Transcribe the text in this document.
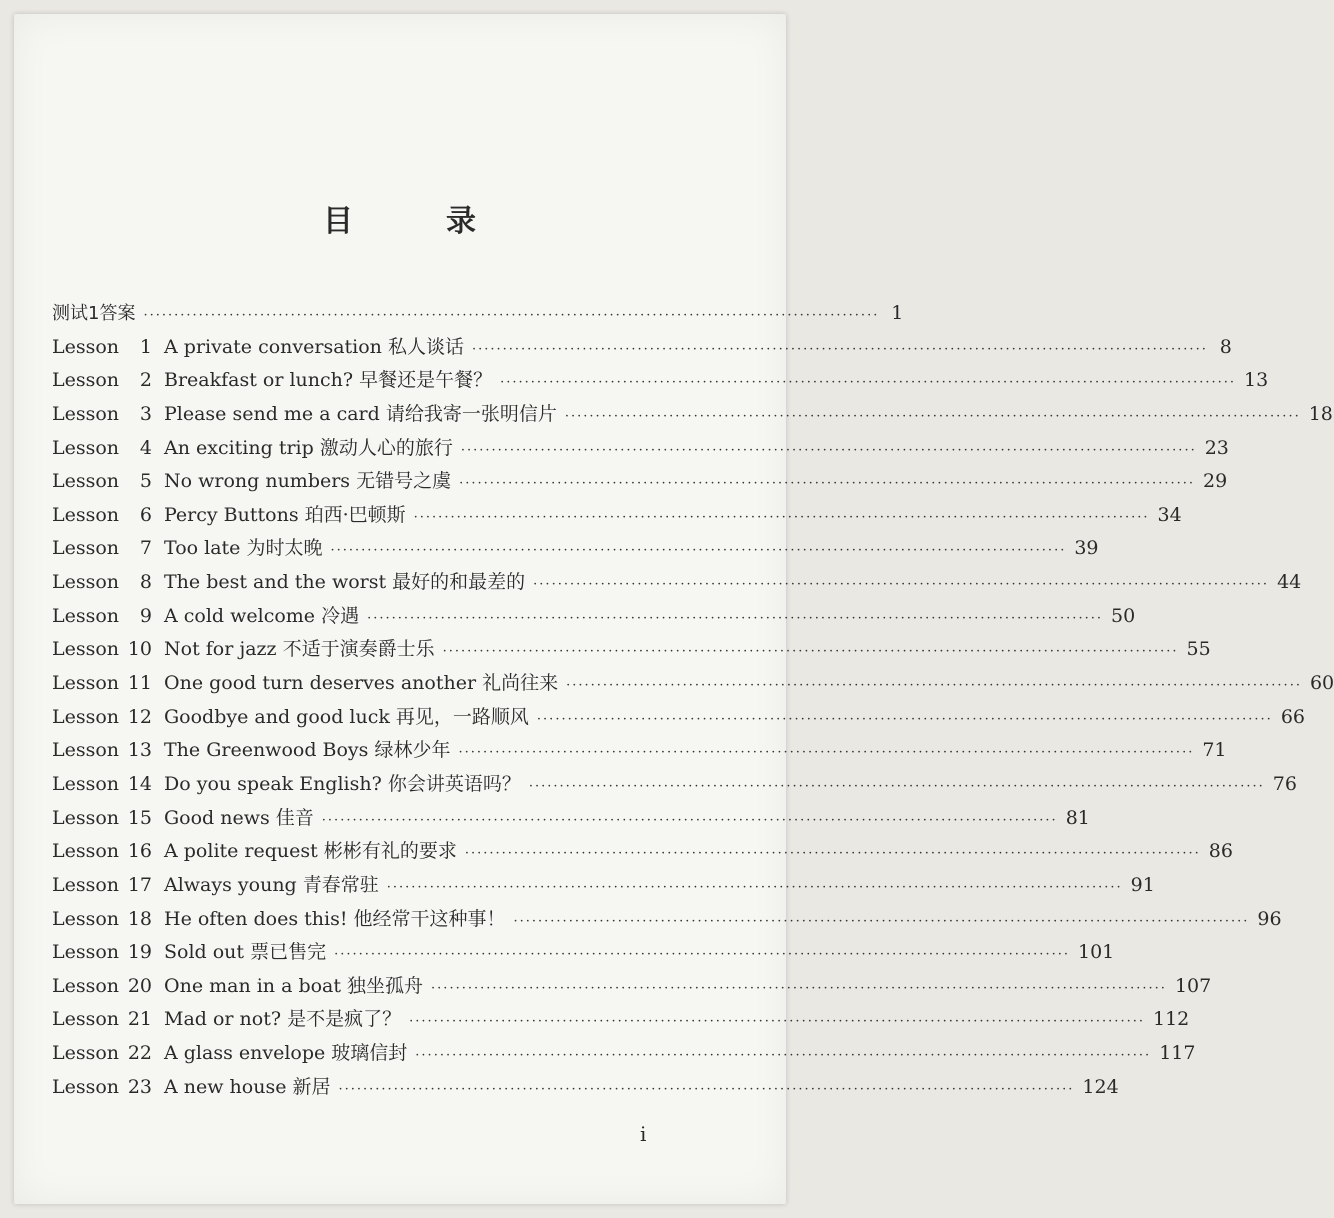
目	录
测试1答案 ························································································································ 1
Lesson	1 A private conversation 私人谈话 ························································································································ 8
Lesson	2 Breakfast or lunch? 早餐还是午餐？ ························································································································ 13
Lesson	3 Please send me a card 请给我寄一张明信片 ························································································································ 18
Lesson	4 An exciting trip 激动人心的旅行 ························································································································ 23
Lesson	5 No wrong numbers 无错号之虞 ························································································································ 29
Lesson	6 Percy Buttons 珀西·巴顿斯 ························································································································ 34
Lesson	7 Too late 为时太晚 ························································································································ 39
Lesson	8 The best and the worst 最好的和最差的 ························································································································ 44
Lesson	9 A cold welcome 冷遇 ························································································································ 50
Lesson 10 Not for jazz 不适于演奏爵士乐 ························································································································ 55
Lesson 11 One good turn deserves another 礼尚往来 ························································································································ 60
Lesson 12 Goodbye and good luck 再见，一路顺风 ························································································································ 66
Lesson 13 The Greenwood Boys 绿林少年 ························································································································ 71
Lesson 14 Do you speak English? 你会讲英语吗？ ························································································································ 76
Lesson 15 Good news 佳音 ························································································································ 81
Lesson 16 A polite request 彬彬有礼的要求 ························································································································ 86
Lesson 17 Always young 青春常驻 ························································································································ 91
Lesson 18 He often does this! 他经常干这种事！ ························································································································ 96
Lesson 19 Sold out 票已售完 ························································································································ 101
Lesson 20 One man in a boat 独坐孤舟 ························································································································ 107
Lesson 21 Mad or not? 是不是疯了？ ························································································································ 112
Lesson 22 A glass envelope 玻璃信封 ························································································································ 117
Lesson 23 A new house 新居 ························································································································ 124
i
